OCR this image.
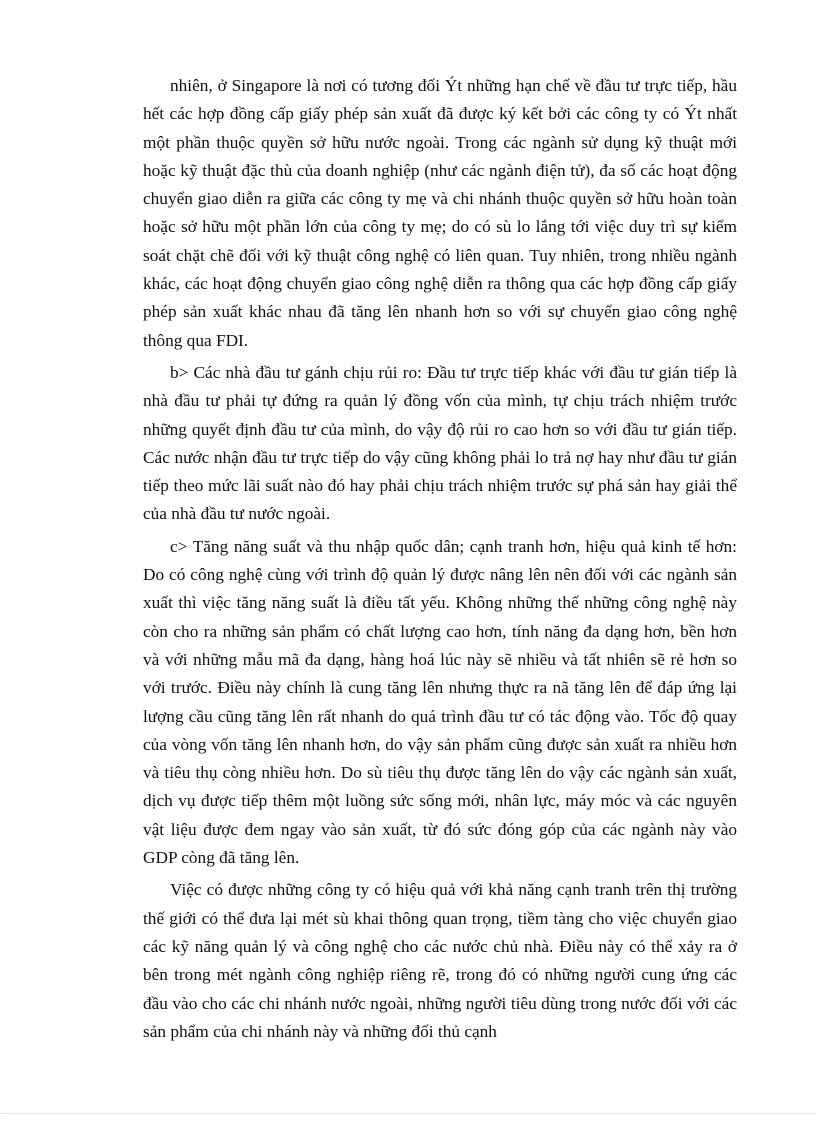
nhiên, ở Singapore là nơi có tương đối Ýt những hạn chế về đầu tư trực tiếp, hầu hết các hợp đồng cấp giấy phép sản xuất đã được ký kết bởi các công ty có Ýt nhất một phần thuộc quyền sở hữu nước ngoài. Trong các ngành sử dụng kỹ thuật mới hoặc kỹ thuật đặc thù của doanh nghiệp (như các ngành điện tử), đa số các hoạt động chuyển giao diễn ra giữa các công ty mẹ và chi nhánh thuộc quyền sở hữu hoàn toàn hoặc sở hữu một phần lớn của công ty mẹ; do có sù lo lắng tới việc duy trì sự kiểm soát chặt chẽ đối với kỹ thuật công nghệ có liên quan. Tuy nhiên, trong nhiều ngành khác, các hoạt động chuyển giao công nghệ diễn ra thông qua các hợp đồng cấp giấy phép sản xuất khác nhau đã tăng lên nhanh hơn so với sự chuyển giao công nghệ thông qua FDI.

b> Các nhà đầu tư gánh chịu rủi ro: Đầu tư trực tiếp khác với đầu tư gián tiếp là nhà đầu tư phải tự đứng ra quản lý đồng vốn của mình, tự chịu trách nhiệm trước những quyết định đầu tư của mình, do vậy độ rủi ro cao hơn so với đầu tư gián tiếp. Các nước nhận đầu tư trực tiếp do vậy cũng không phải lo trả nợ hay như đầu tư gián tiếp theo mức lãi suất nào đó hay phải chịu trách nhiệm trước sự phá sản hay giải thể của nhà đầu tư nước ngoài.

c> Tăng năng suất và thu nhập quốc dân; cạnh tranh hơn, hiệu quả kinh tế hơn: Do có công nghệ cùng với trình độ quản lý được nâng lên nên đối với các ngành sản xuất thì việc tăng năng suất là điều tất yếu. Không những thế những công nghệ này còn cho ra những sản phẩm có chất lượng cao hơn, tính năng đa dạng hơn, bền hơn và với những mẫu mã đa dạng, hàng hoá lúc này sẽ nhiều và tất nhiên sẽ rẻ hơn so với trước. Điều này chính là cung tăng lên nhưng thực ra nã tăng lên để đáp ứng lại lượng cầu cũng tăng lên rất nhanh do quá trình đầu tư có tác động vào. Tốc độ quay của vòng vốn tăng lên nhanh hơn, do vậy sản phẩm cũng được sản xuất ra nhiều hơn và tiêu thụ còng nhiều hơn. Do sù tiêu thụ được tăng lên do vậy các ngành sản xuất, dịch vụ được tiếp thêm một luồng sức sống mới, nhân lực, máy móc và các nguyên vật liệu được đem ngay vào sản xuất, từ đó sức đóng góp của các ngành này vào GDP còng đã tăng lên.

Việc có được những công ty có hiệu quả với khả năng cạnh tranh trên thị trường thế giới có thể đưa lại mét sù khai thông quan trọng, tiềm tàng cho việc chuyển giao các kỹ năng quản lý và công nghệ cho các nước chủ nhà. Điều này có thể xảy ra ở bên trong mét ngành công nghiệp riêng rẽ, trong đó có những người cung ứng các đầu vào cho các chi nhánh nước ngoài, những người tiêu dùng trong nước đối với các sản phẩm của chi nhánh này và những đối thủ cạnh
